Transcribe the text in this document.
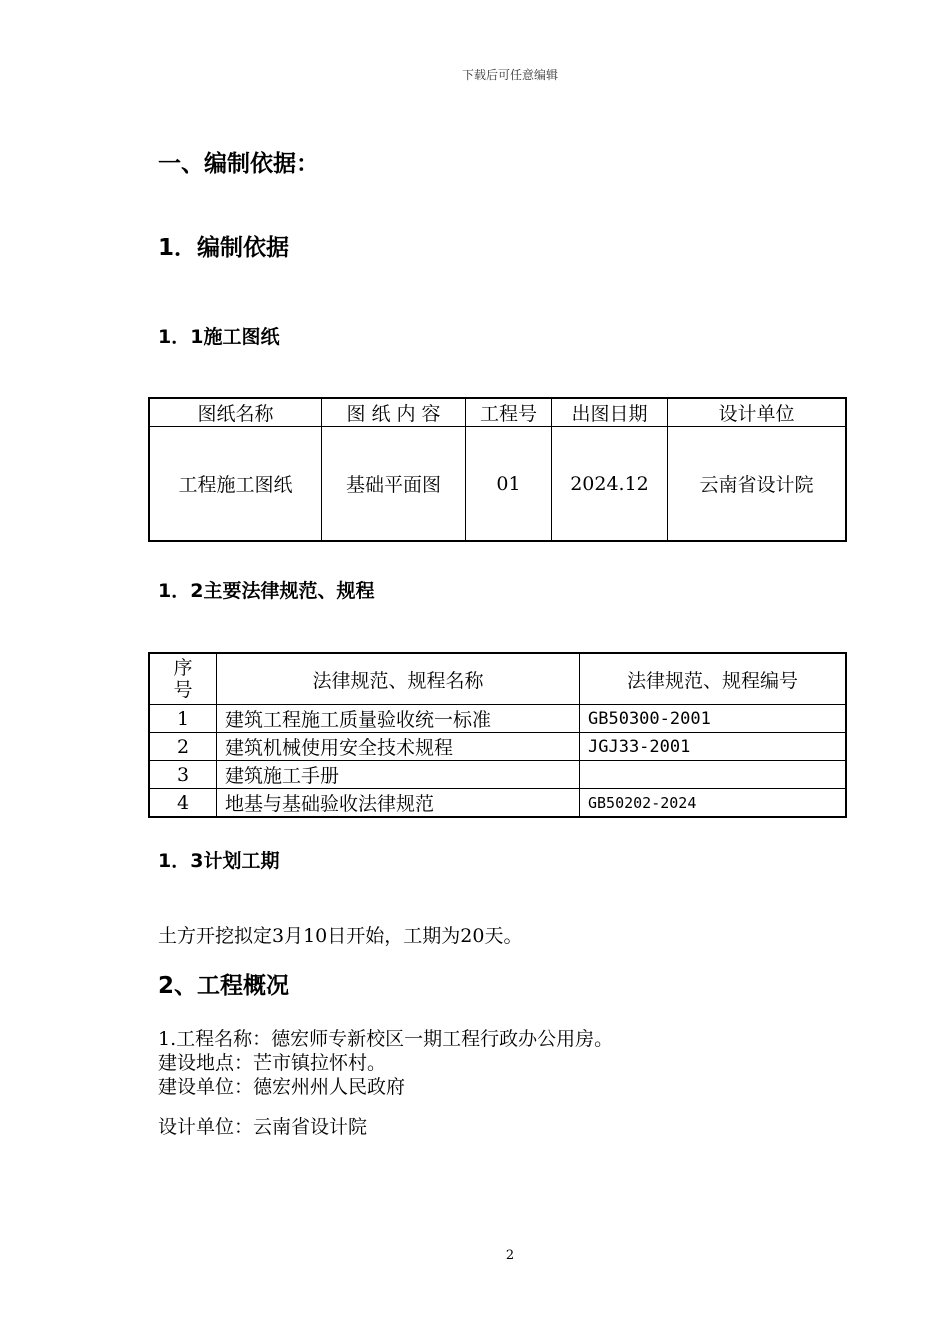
下载后可任意编辑
一、编制依据：
1．编制依据
1．1施工图纸
图纸名称	图 纸 内 容	工程号	出图日期	设计单位
工程施工图纸	基础平面图	01	2024.12	云南省设计院
1．2主要法律规范、规程
序
号	法律规范、规程名称	法律规范、规程编号
1	建筑工程施工质量验收统一标准	GB50300-2001
2	建筑机械使用安全技术规程	JGJ33-2001
3	建筑施工手册	
4	地基与基础验收法律规范	GB50202-2024
1．3计划工期
土方开挖拟定3月10日开始，工期为20天。
2、工程概况

1.工程名称：德宏师专新校区一期工程行政办公用房。

建设地点：芒市镇拉怀村。

建设单位：德宏州州人民政府

设计单位：云南省设计院
2
